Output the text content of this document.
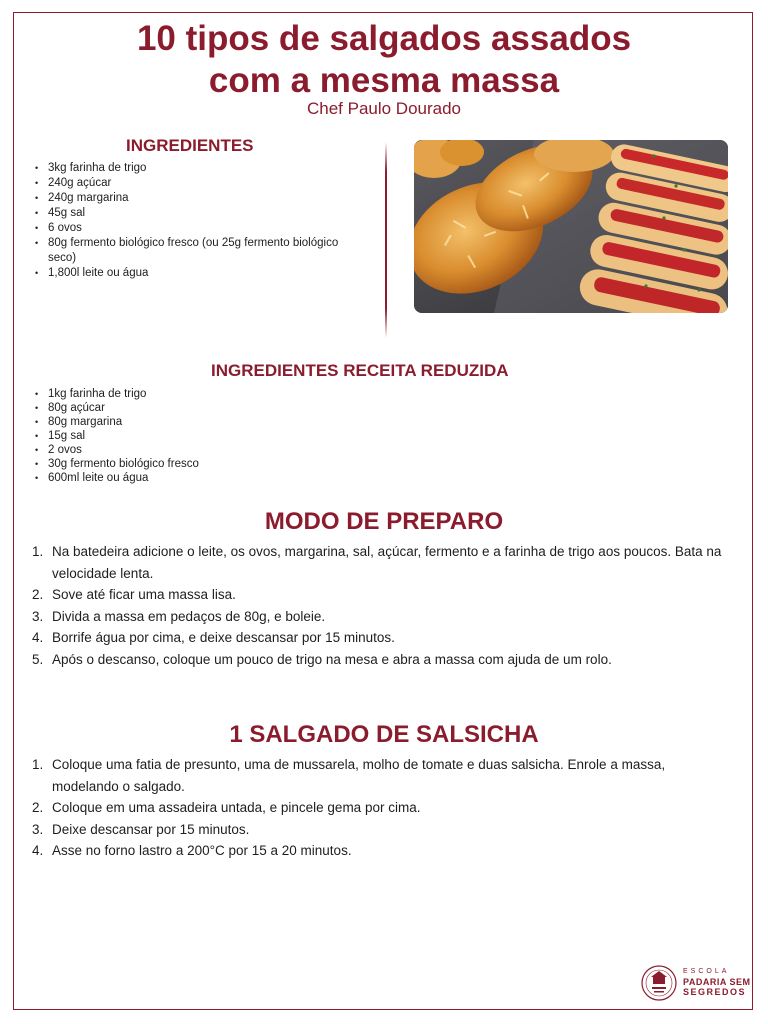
10 tipos de salgados assados
com a mesma massa

Chef Paulo Dourado

INGREDIENTES
• 3kg farinha de trigo
• 240g açúcar
• 240g margarina
• 45g sal
• 6 ovos
• 80g fermento biológico fresco (ou 25g fermento biológico seco)
• 1,800l leite ou água
INGREDIENTES RECEITA REDUZIDA
• 1kg farinha de trigo
• 80g açúcar
• 80g margarina
• 15g sal
• 2 ovos
• 30g fermento biológico fresco
• 600ml leite ou água
MODO DE PREPARO
1. Na batedeira adicione o leite, os ovos, margarina, sal, açúcar, fermento e a farinha de trigo aos poucos. Bata na velocidade lenta.
2. Sove até ficar uma massa lisa.
3. Divida a massa em pedaços de 80g, e boleie.
4. Borrife água por cima, e deixe descansar por 15 minutos.
5. Após o descanso, coloque um pouco de trigo na mesa e abra a massa com ajuda de um rolo.
1 SALGADO DE SALSICHA
1. Coloque uma fatia de presunto, uma de mussarela, molho de tomate e duas salsicha. Enrole a massa, modelando o salgado.
2. Coloque em uma assadeira untada, e pincele gema por cima.
3. Deixe descansar por 15 minutos.
4. Asse no forno lastro a 200°C por 15 a 20 minutos.
ESCOLA
PADARIA SEM
SEGREDOS
